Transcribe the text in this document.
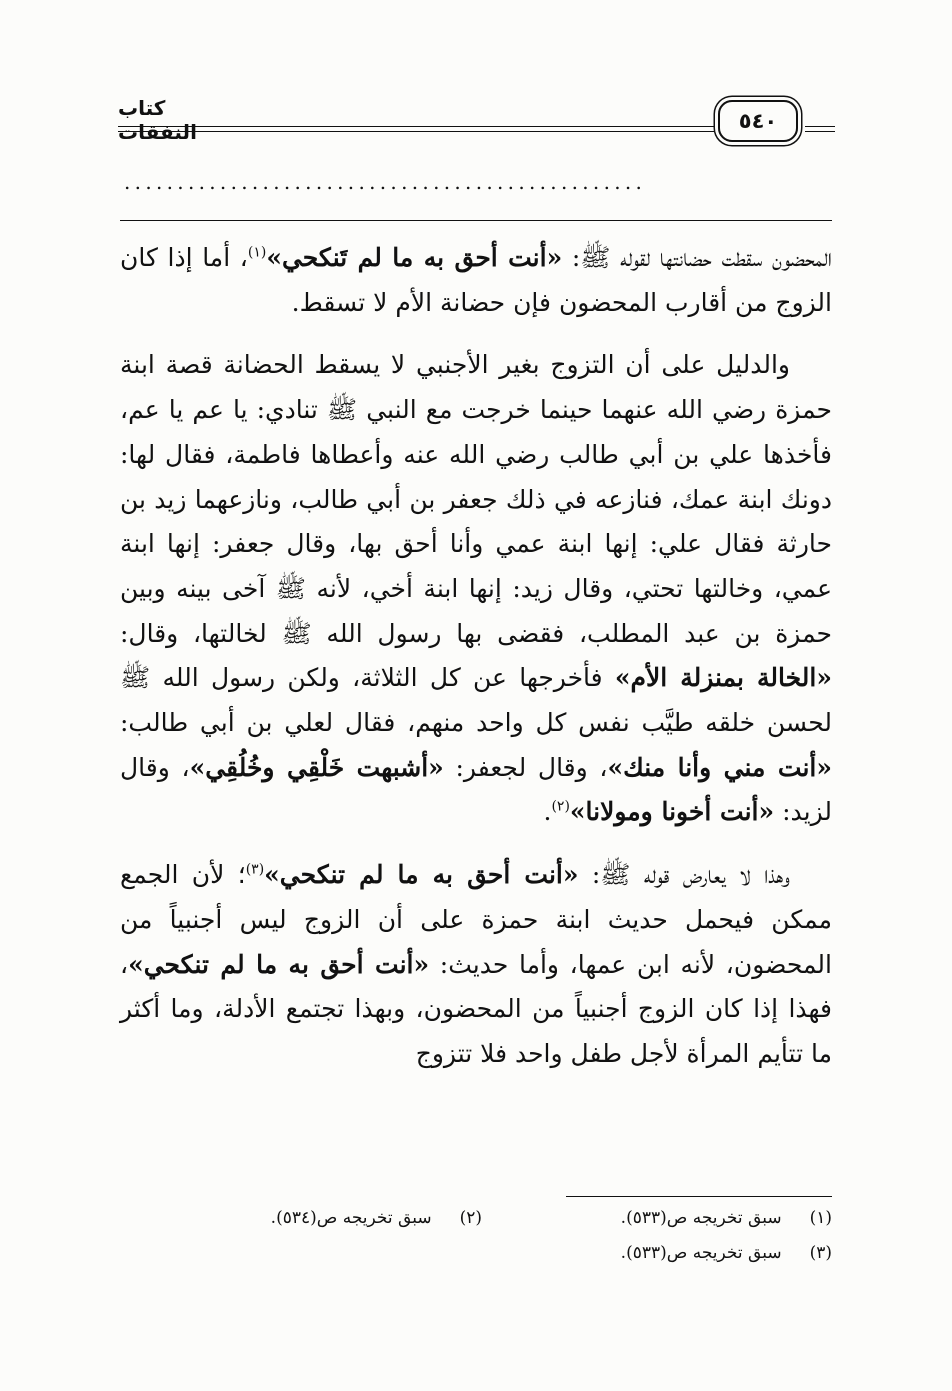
كتاب النفقات	٥٤٠
.................................................

المحضون سقطت حضانتها لقوله ﷺ: «أنت أحق به ما لم تَنكحي»$^{(١)}$، أما إذا كان الزوج من أقارب المحضون فإن حضانة الأم لا تسقط.

والدليل على أن التزوج بغير الأجنبي لا يسقط الحضانة قصة ابنة حمزة رضي الله عنهما حينما خرجت مع النبي ﷺ تنادي: يا عم يا عم، فأخذها علي بن أبي طالب رضي الله عنه وأعطاها فاطمة، فقال لها: دونك ابنة عمك، فنازعه في ذلك جعفر بن أبي طالب، ونازعهما زيد بن حارثة فقال علي: إنها ابنة عمي وأنا أحق بها، وقال جعفر: إنها ابنة عمي، وخالتها تحتي، وقال زيد: إنها ابنة أخي، لأنه ﷺ آخى بينه وبين حمزة بن عبد المطلب، فقضى بها رسول الله ﷺ لخالتها، وقال: «الخالة بمنزلة الأم» فأخرجها عن كل الثلاثة، ولكن رسول الله ﷺ لحسن خلقه طيَّب نفس كل واحد منهم، فقال لعلي بن أبي طالب: «أنت مني وأنا منك»، وقال لجعفر: «أشبهت خَلْقِي وخُلُقِي»، وقال لزيد: «أنت أخونا ومولانا»$^{(٢)}$.

وهذا لا يعارض قوله ﷺ: «أنت أحق به ما لم تنكحي»$^{(٣)}$؛ لأن الجمع ممكن فيحمل حديث ابنة حمزة على أن الزوج ليس أجنبياً من المحضون، لأنه ابن عمها، وأما حديث: «أنت أحق به ما لم تنكحي»، فهذا إذا كان الزوج أجنبياً من المحضون، وبهذا تجتمع الأدلة، وما أكثر ما تتأيم المرأة لأجل طفل واحد فلا تتزوج

(١)سبق تخريجه ص(٥٣٣).
(٢)سبق تخريجه ص(٥٣٤).
(٣)سبق تخريجه ص(٥٣٣).
